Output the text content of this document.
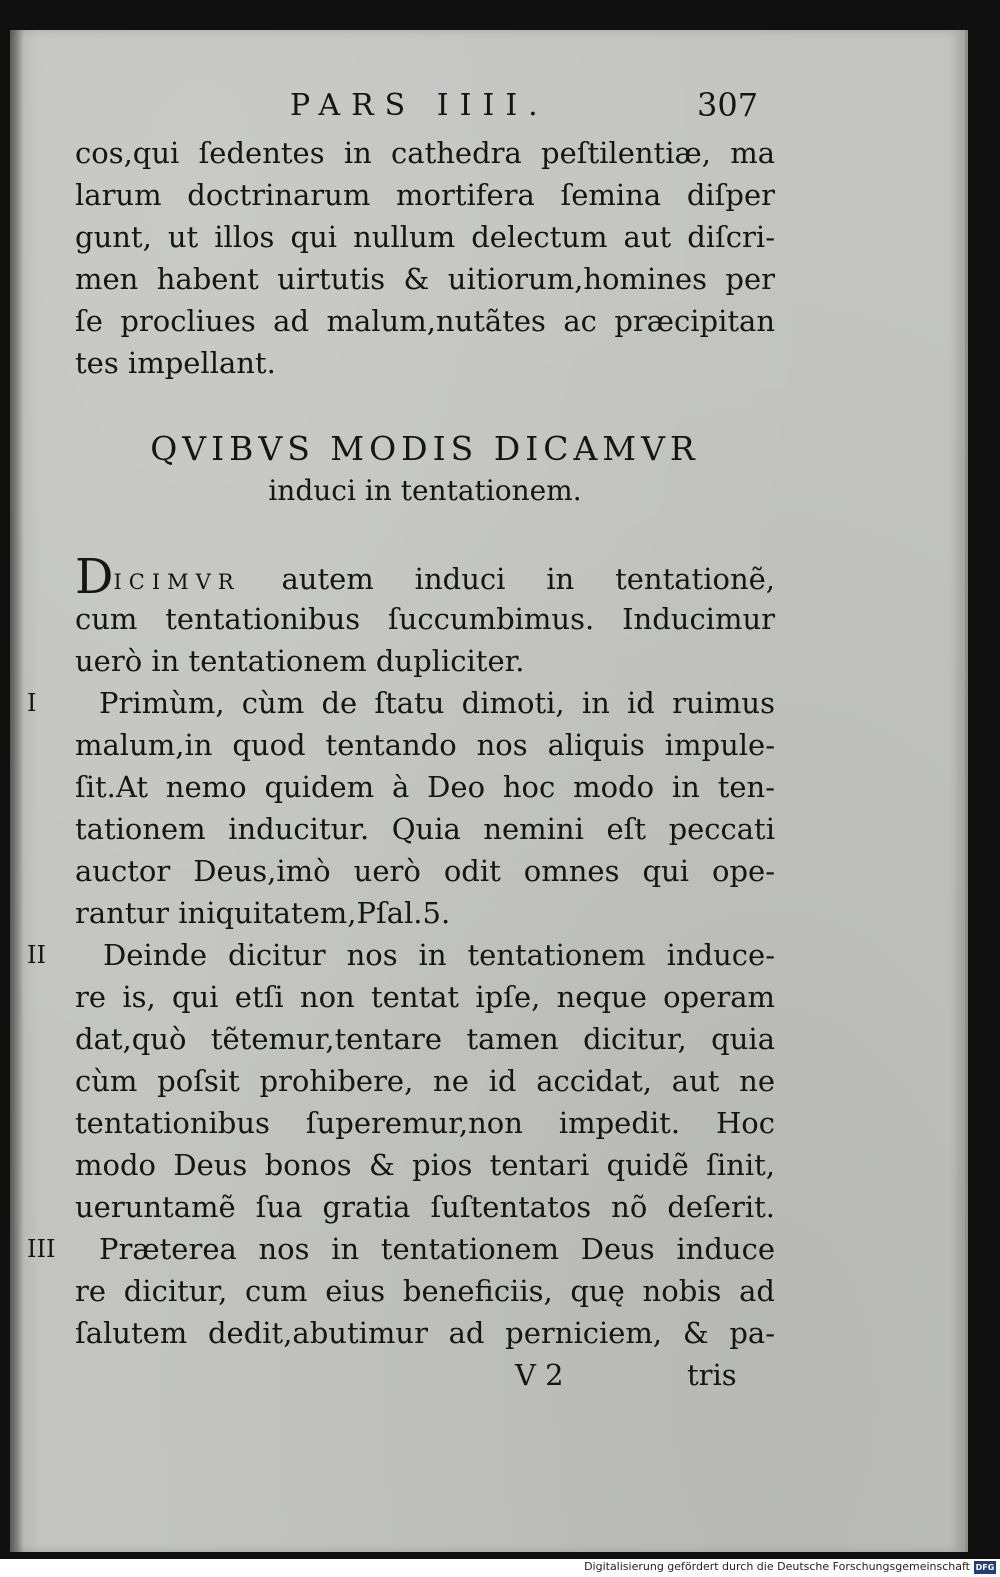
PARS IIII.	307
cos,qui ſedentes in cathedra peſtilentiæ, ma
larum doctrinarum mortifera ſemina diſper
gunt, ut illos qui nullum delectum aut diſcri-
men habent uirtutis & uitiorum,homines per
ſe procliues ad malum,nutãtes ac præcipitan
tes impellant.
QVIBVS MODIS DICAMVR
induci in tentationem.
DICIMVR autem induci in tentationẽ,
cum tentationibus ſuccumbimus. Inducimur
uerò in tentationem dupliciter.
I Primùm, cùm de ſtatu dimoti, in id ruimus
malum,in quod tentando nos aliquis impule-
ſit.At nemo quidem à Deo hoc modo in ten-
tationem inducitur. Quia nemini eſt peccati
auctor Deus,imò uerò odit omnes qui ope-
rantur iniquitatem,Pſal.5.
II Deinde dicitur nos in tentationem induce-
re is, qui etſi non tentat ipſe, neque operam
dat,quò tẽtemur,tentare tamen dicitur, quia
cùm poſsit prohibere, ne id accidat, aut ne
tentationibus ſuperemur,non impedit. Hoc
modo Deus bonos & pios tentari quidẽ ſinit,
ueruntamẽ ſua gratia ſuſtentatos nõ deſerit.
III Præterea nos in tentationem Deus induce
re dicitur, cum eius beneficiis, quę nobis ad
ſalutem dedit,abutimur ad perniciem, & pa-
V 2	tris
Digitalisierung gefördert durch die Deutsche Forschungsgemeinschaft DFG
